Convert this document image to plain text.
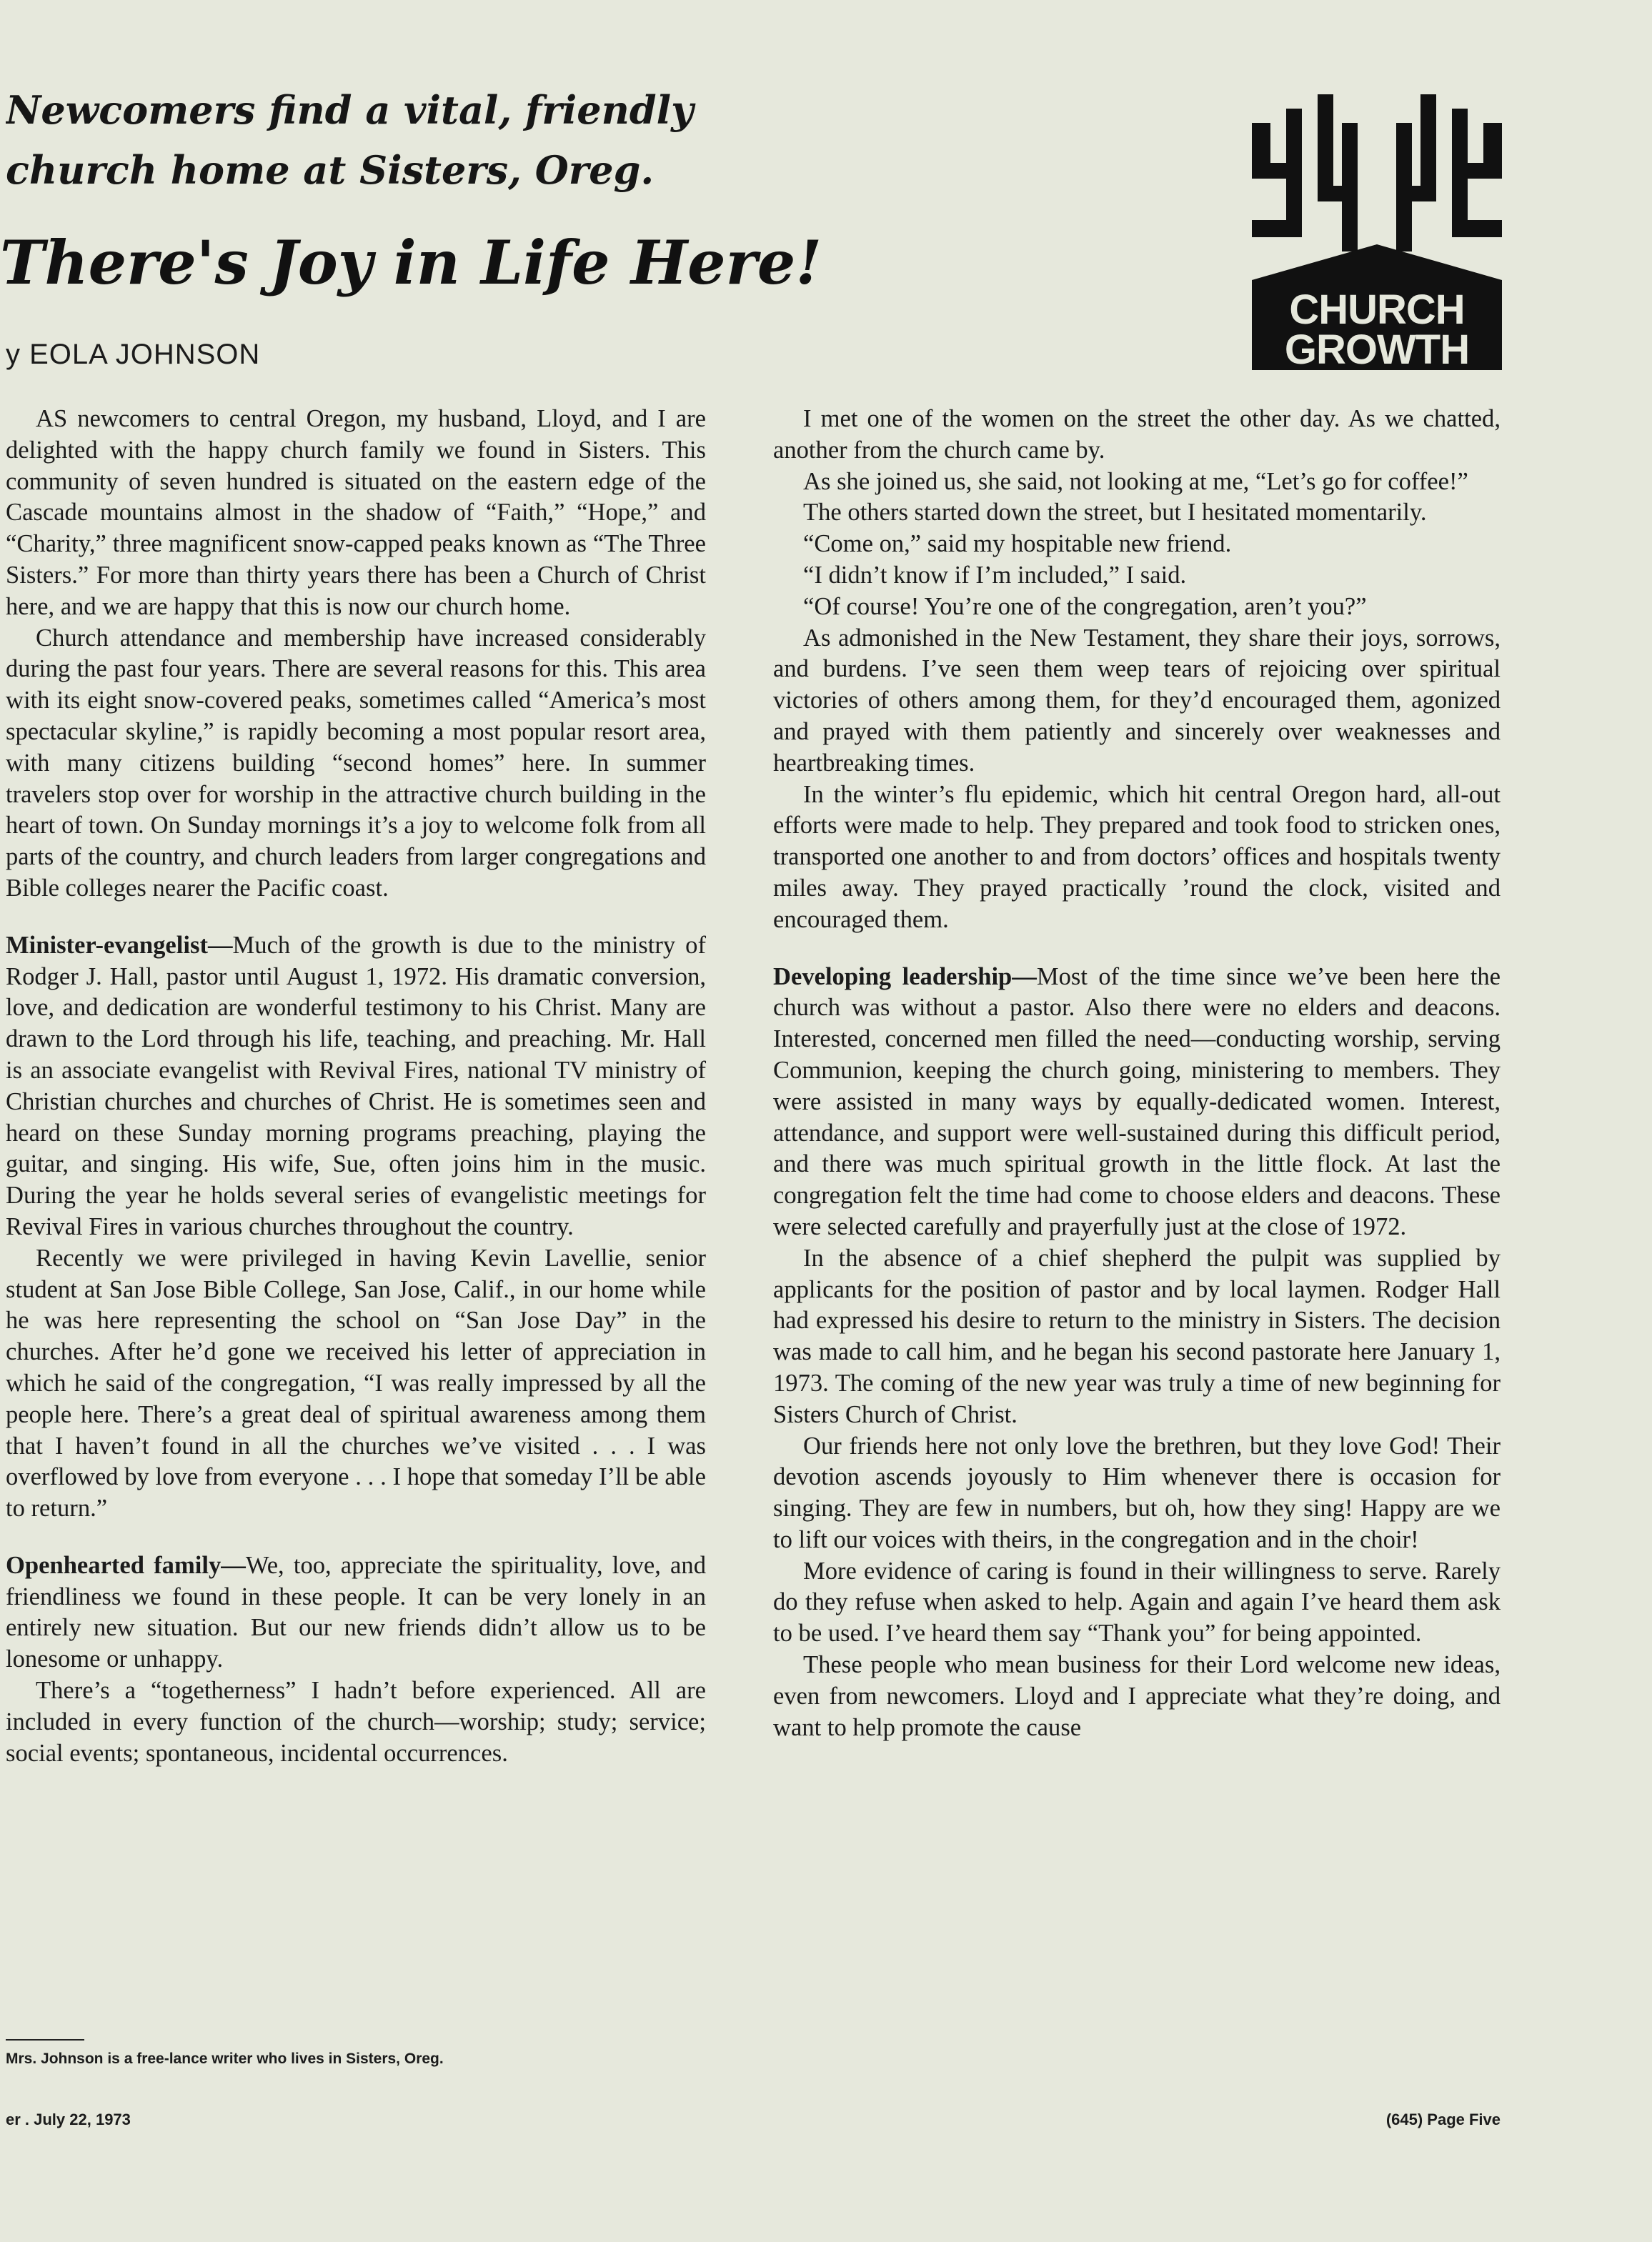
Newcomers find a vital, friendly
church home at Sisters, Oreg.
There's Joy in Life Here!
y EOLA JOHNSON
CHURCH
GROWTH

AS newcomers to central Oregon, my husband, Lloyd, and I are delighted with the happy church family we found in Sisters. This community of seven hundred is situated on the eastern edge of the Cascade mountains almost in the shadow of “Faith,” “Hope,” and “Charity,” three magnificent snow-capped peaks known as “The Three Sisters.” For more than thirty years there has been a Church of Christ here, and we are happy that this is now our church home.

Church attendance and membership have increased considerably during the past four years. There are several reasons for this. This area with its eight snow-covered peaks, sometimes called “America’s most spectacular skyline,” is rapidly becoming a most popular resort area, with many citizens building “second homes” here. In summer travelers stop over for worship in the attractive church building in the heart of town. On Sunday mornings it’s a joy to welcome folk from all parts of the country, and church leaders from larger congregations and Bible colleges nearer the Pacific coast.

Minister-evangelist—Much of the growth is due to the ministry of Rodger J. Hall, pastor until August 1, 1972. His dramatic conversion, love, and dedication are wonderful testimony to his Christ. Many are drawn to the Lord through his life, teaching, and preaching. Mr. Hall is an associate evangelist with Revival Fires, national TV ministry of Christian churches and churches of Christ. He is sometimes seen and heard on these Sunday morning programs preaching, playing the guitar, and singing. His wife, Sue, often joins him in the music. During the year he holds several series of evangelistic meetings for Revival Fires in various churches throughout the country.

Recently we were privileged in having Kevin Lavellie, senior student at San Jose Bible College, San Jose, Calif., in our home while he was here representing the school on “San Jose Day” in the churches. After he’d gone we received his letter of appreciation in which he said of the congregation, “I was really impressed by all the people here. There’s a great deal of spiritual awareness among them that I haven’t found in all the churches we’ve visited . . . I was overflowed by love from everyone . . . I hope that someday I’ll be able to return.”

Openhearted family—We, too, appreciate the spirituality, love, and friendliness we found in these people. It can be very lonely in an entirely new situation. But our new friends didn’t allow us to be lonesome or unhappy.

There’s a “togetherness” I hadn’t before experienced. All are included in every function of the church—worship; study; service; social events; spontaneous, incidental occurrences.

I met one of the women on the street the other day. As we chatted, another from the church came by.

As she joined us, she said, not looking at me, “Let’s go for coffee!”

The others started down the street, but I hesitated momentarily.

“Come on,” said my hospitable new friend.

“I didn’t know if I’m included,” I said.

“Of course! You’re one of the congregation, aren’t you?”

As admonished in the New Testament, they share their joys, sorrows, and burdens. I’ve seen them weep tears of rejoicing over spiritual victories of others among them, for they’d encouraged them, agonized and prayed with them patiently and sincerely over weaknesses and heartbreaking times.

In the winter’s flu epidemic, which hit central Oregon hard, all-out efforts were made to help. They prepared and took food to stricken ones, transported one another to and from doctors’ offices and hospitals twenty miles away. They prayed practically ’round the clock, visited and encouraged them.

Developing leadership—Most of the time since we’ve been here the church was without a pastor. Also there were no elders and deacons. Interested, concerned men filled the need—conducting worship, serving Communion, keeping the church going, ministering to members. They were assisted in many ways by equally-dedicated women. Interest, attendance, and support were well-sustained during this difficult period, and there was much spiritual growth in the little flock. At last the congregation felt the time had come to choose elders and deacons. These were selected carefully and prayerfully just at the close of 1972.

In the absence of a chief shepherd the pulpit was supplied by applicants for the position of pastor and by local laymen. Rodger Hall had expressed his desire to return to the ministry in Sisters. The decision was made to call him, and he began his second pastorate here January 1, 1973. The coming of the new year was truly a time of new beginning for Sisters Church of Christ.

Our friends here not only love the brethren, but they love God! Their devotion ascends joyously to Him whenever there is occasion for singing. They are few in numbers, but oh, how they sing! Happy are we to lift our voices with theirs, in the congregation and in the choir!

More evidence of caring is found in their willingness to serve. Rarely do they refuse when asked to help. Again and again I’ve heard them ask to be used. I’ve heard them say “Thank you” for being appointed.

These people who mean business for their Lord welcome new ideas, even from newcomers. Lloyd and I appreciate what they’re doing, and want to help promote the cause

Mrs. Johnson is a free-lance writer who lives in Sisters, Oreg.
er . July 22, 1973	(645) Page Five
